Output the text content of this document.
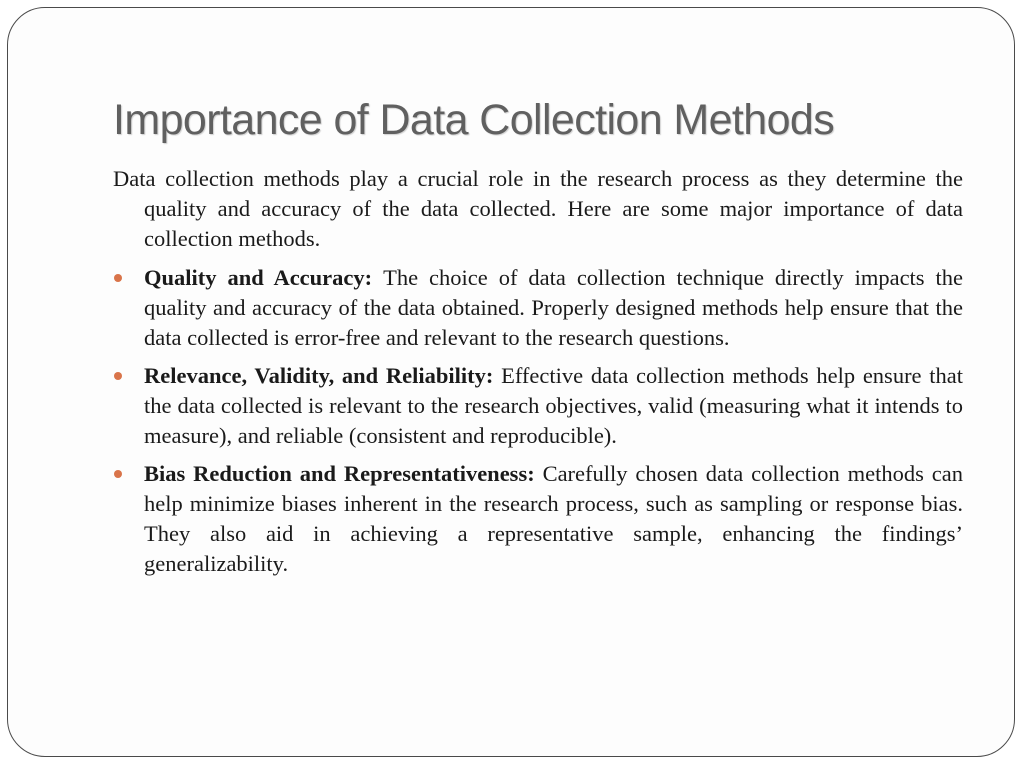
Importance of Data Collection Methods

Data collection methods play a crucial role in the research process as they determine the quality and accuracy of the data collected. Here are some major importance of data collection methods.

Quality and Accuracy: The choice of data collection technique directly impacts the quality and accuracy of the data obtained. Properly designed methods help ensure that the data collected is error-free and relevant to the research questions.
Relevance, Validity, and Reliability: Effective data collection methods help ensure that the data collected is relevant to the research objectives, valid (measuring what it intends to measure), and reliable (consistent and reproducible).
Bias Reduction and Representativeness: Carefully chosen data collection methods can help minimize biases inherent in the research process, such as sampling or response bias. They also aid in achieving a representative sample, enhancing the findings’ generalizability.
